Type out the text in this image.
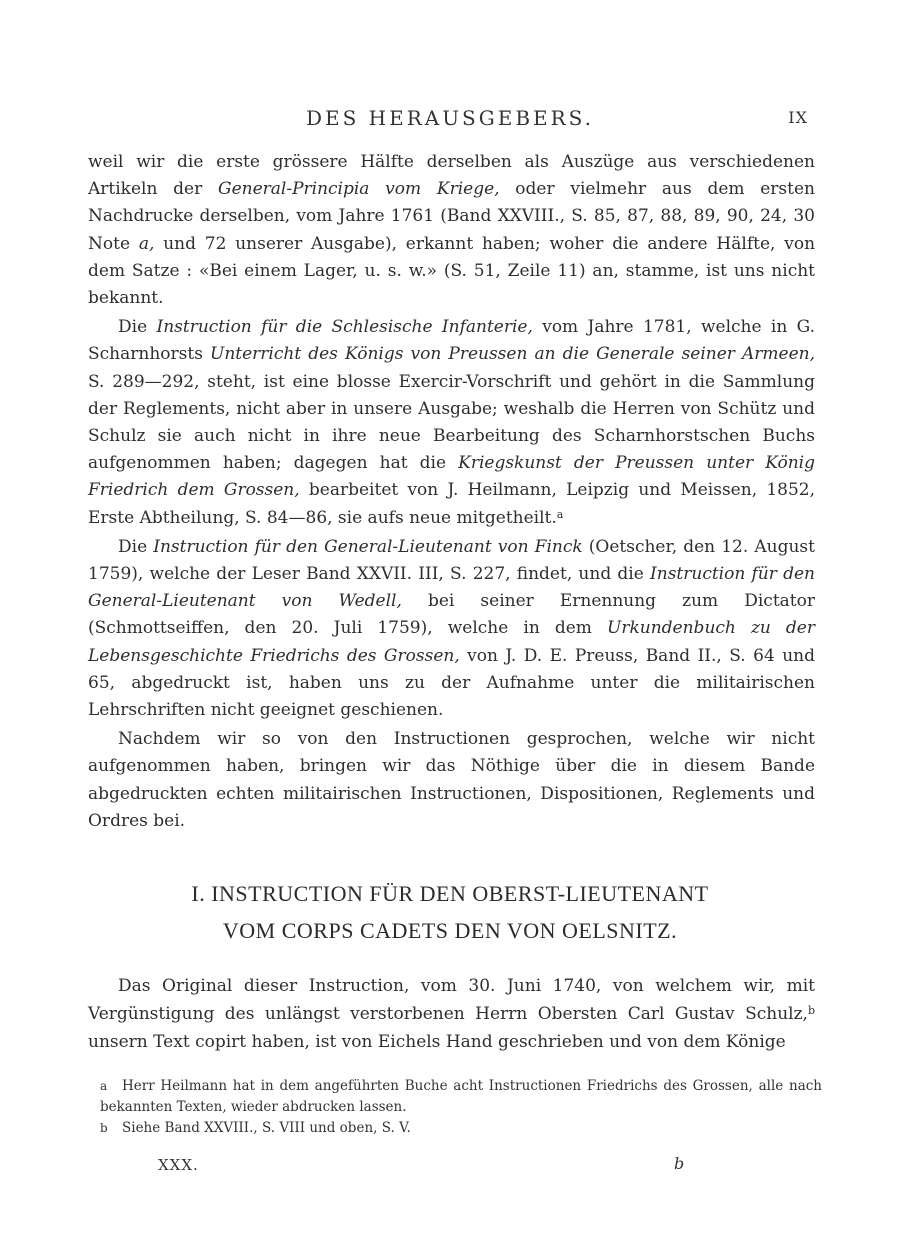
DES HERAUSGEBERS.	IX

weil wir die erste grössere Hälfte derselben als Auszüge aus verschiedenen Artikeln der General-Principia vom Kriege, oder vielmehr aus dem ersten Nachdrucke derselben, vom Jahre 1761 (Band XXVIII., S. 85, 87, 88, 89, 90, 24, 30 Note a, und 72 unserer Ausgabe), erkannt haben; woher die andere Hälfte, von dem Satze : «Bei einem Lager, u. s. w.» (S. 51, Zeile 11) an, stamme, ist uns nicht bekannt.

Die Instruction für die Schlesische Infanterie, vom Jahre 1781, welche in G. Scharnhorsts Unterricht des Königs von Preussen an die Generale seiner Armeen, S. 289—292, steht, ist eine blosse Exercir-Vorschrift und gehört in die Sammlung der Reglements, nicht aber in unsere Ausgabe; weshalb die Herren von Schütz und Schulz sie auch nicht in ihre neue Bearbeitung des Scharnhorstschen Buchs aufgenommen haben; dagegen hat die Kriegskunst der Preussen unter König Friedrich dem Grossen, bearbeitet von J. Heilmann, Leipzig und Meissen, 1852, Erste Abtheilung, S. 84—86, sie aufs neue mitgetheilt.$^a$

Die Instruction für den General-Lieutenant von Finck (Oetscher, den 12. August 1759), welche der Leser Band XXVII. III, S. 227, findet, und die Instruction für den General-Lieutenant von Wedell, bei seiner Ernennung zum Dictator (Schmottseiffen, den 20. Juli 1759), welche in dem Urkundenbuch zu der Lebensgeschichte Friedrichs des Grossen, von J. D. E. Preuss, Band II., S. 64 und 65, abgedruckt ist, haben uns zu der Aufnahme unter die militairischen Lehrschriften nicht geeignet geschienen.

Nachdem wir so von den Instructionen gesprochen, welche wir nicht aufgenommen haben, bringen wir das Nöthige über die in diesem Bande abgedruckten echten militairischen Instructionen, Dispositionen, Reglements und Ordres bei.

I. INSTRUCTION FÜR DEN OBERST-LIEUTENANT
VOM CORPS CADETS DEN VON OELSNITZ.

Das Original dieser Instruction, vom 30. Juni 1740, von welchem wir, mit Vergünstigung des unlängst verstorbenen Herrn Obersten Carl Gustav Schulz,$^b$ unsern Text copirt haben, ist von Eichels Hand geschrieben und von dem Könige

a Herr Heilmann hat in dem angeführten Buche acht Instructionen Friedrichs des Grossen, alle nach bekannten Texten, wieder abdrucken lassen.

b Siehe Band XXVIII., S. VIII und oben, S. V.

XXX.	b
